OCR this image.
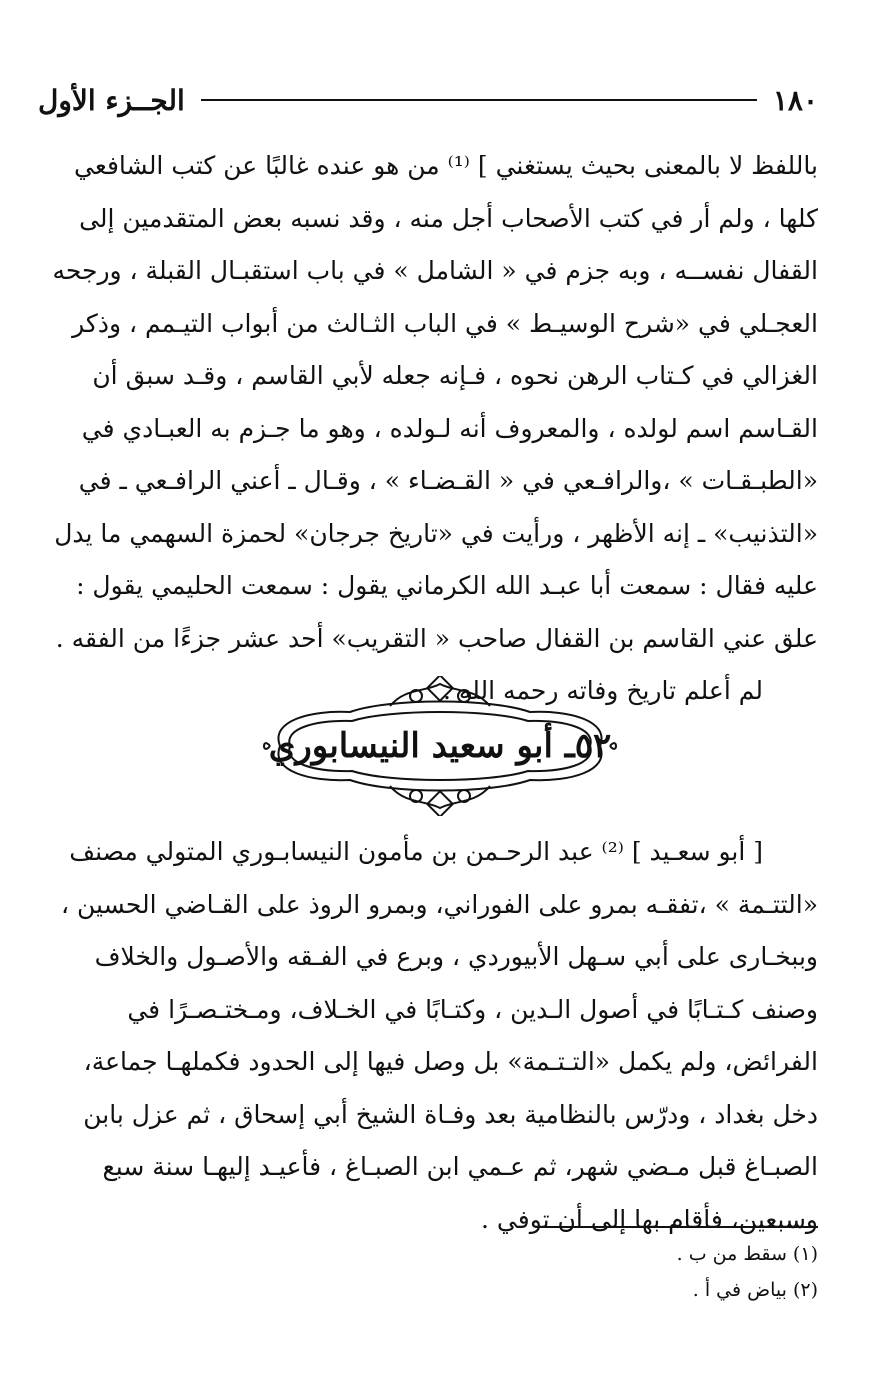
١٨٠
الجــزء الأول
باللفظ لا بالمعنى بحيث يستغني ] ⁽¹⁾ من هو عنده غالبًا عن كتب الشافعي
كلها ، ولم أر في كتب الأصحاب أجل منه ، وقد نسبه بعض المتقدمين إلى
القفال نفســه ، وبه جزم في « الشامل » في باب استقبـال القبلة ، ورجحه
العجـلي في «شرح الوسيـط » في الباب الثـالث من أبواب التيـمم ، وذكر
الغزالي في كـتاب الرهن نحوه ، فـإنه جعله لأبي القاسم ، وقـد سبق أن
القـاسم اسم لولده ، والمعروف أنه لـولده ، وهو ما جـزم به العبـادي في
«الطبـقـات » ،والرافـعي في « القـضـاء » ، وقـال ـ أعني الرافـعي ـ في
«التذنيب» ـ إنه الأظهر ، ورأيت في «تاريخ جرجان» لحمزة السهمي ما يدل
عليه فقال : سمعت أبا عبـد الله الكرماني يقول : سمعت الحليمي يقول :
علق عني القاسم بن القفال صاحب « التقريب» أحد عشر جزءًا من الفقه .
لم أعلم تاريخ وفاته رحمه الله .
٥٢ـ أبو سعيد النيسابوري
[ أبو سعـيد ] ⁽²⁾ عبد الرحـمن بن مأمون النيسابـوري المتولي مصنف
«التتـمة » ،تفقـه بمرو على الفوراني، وبمرو الروذ على القـاضي الحسين ،
وببخـارى على أبي سـهل الأبيوردي ، وبرع في الفـقه والأصـول والخلاف
وصنف كـتـابًا في أصول الـدين ، وكتـابًا في الخـلاف، ومـختـصـرًا في
الفرائض، ولم يكمل «التـتـمة» بل وصل فيها إلى الحدود فكملهـا جماعة،
دخل بغداد ، ودرّس بالنظامية بعد وفـاة الشيخ أبي إسحاق ، ثم عزل بابن
الصبـاغ قبل مـضي شهر، ثم عـمي ابن الصبـاغ ، فأعيـد إليهـا سنة سبع
وسبعين، فأقام بها إلى أن توفي .
(١) سقط من ب .
(٢) بياض في أ .
